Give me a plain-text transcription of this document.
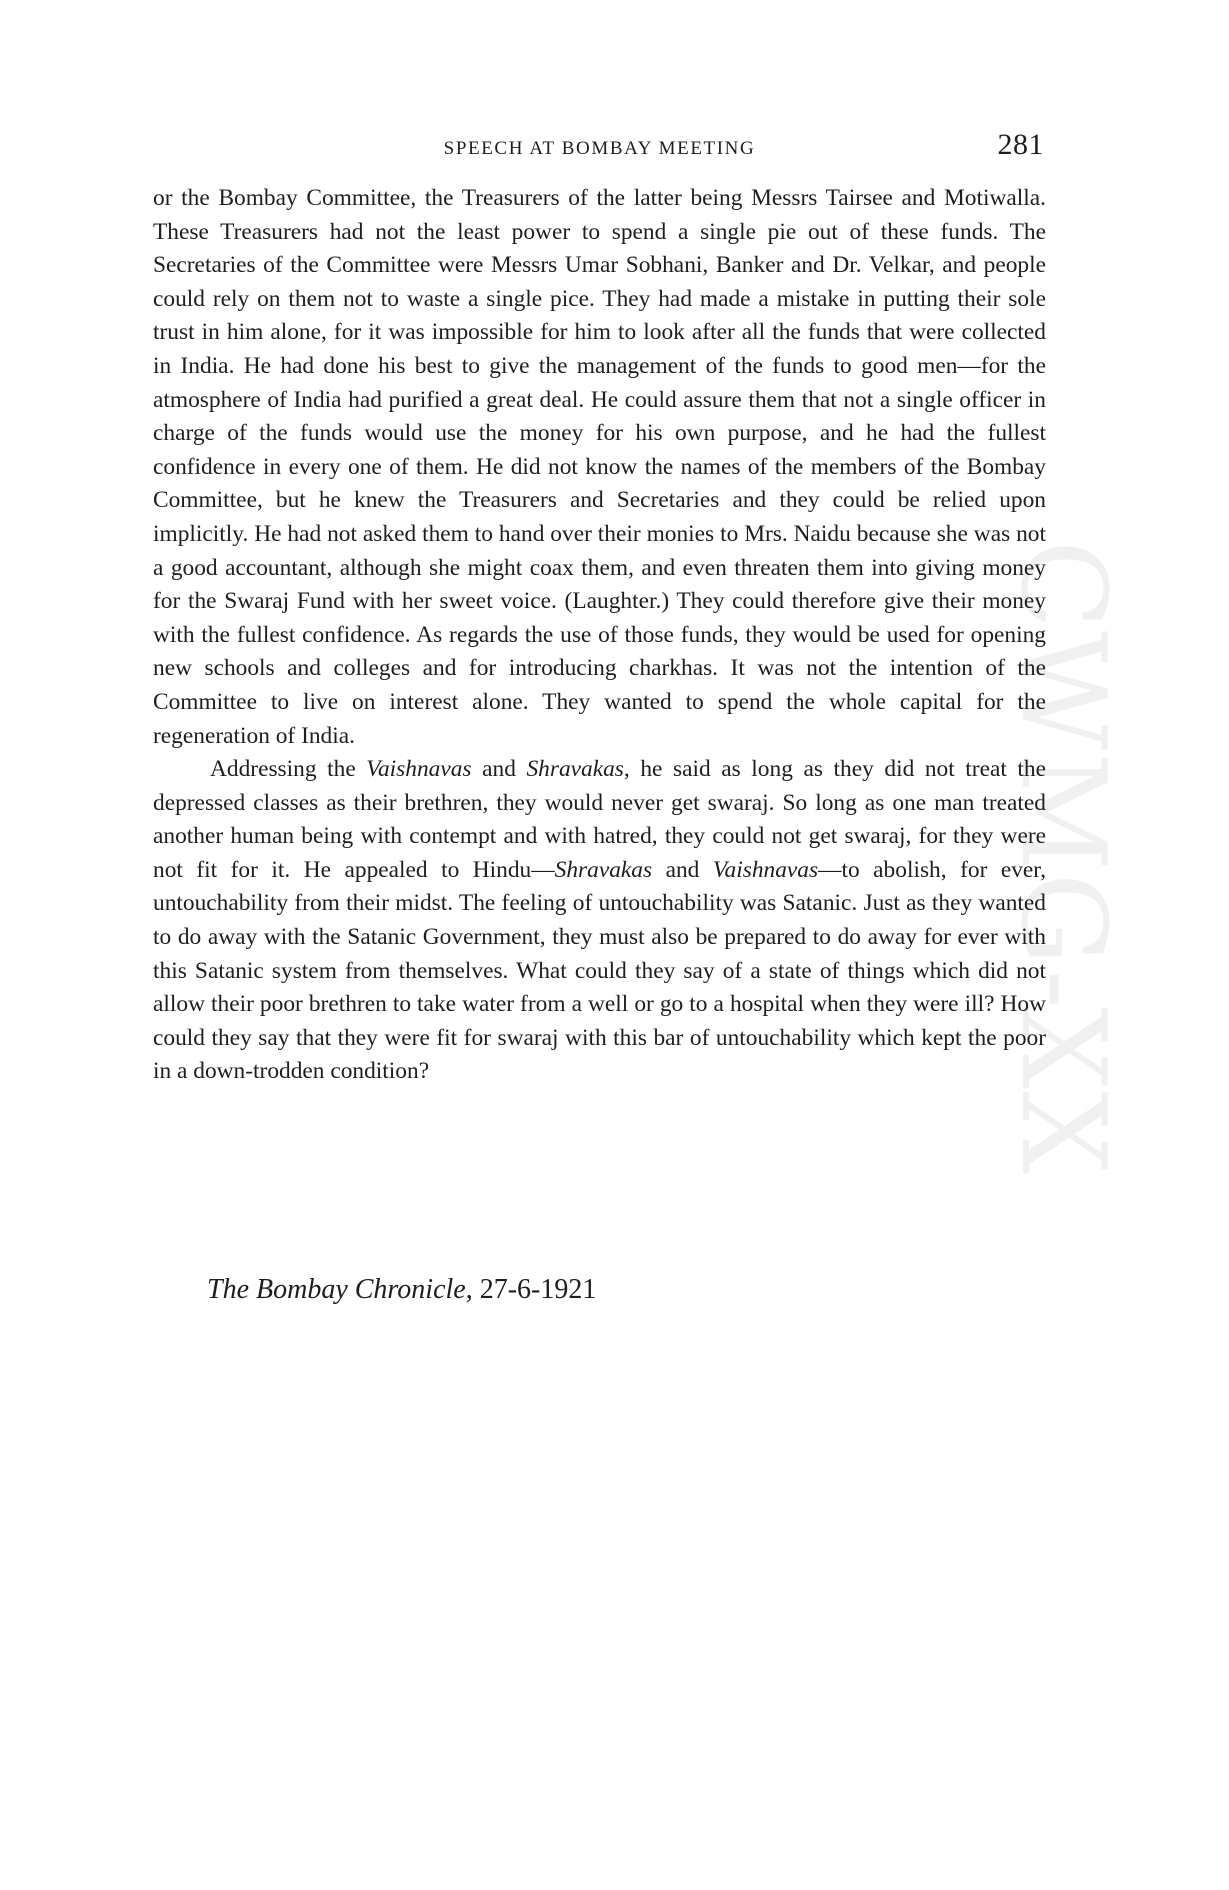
CWMG-XX
SPEECH AT BOMBAY MEETING	281

or the Bombay Committee, the Treasurers of the latter being Messrs Tairsee and Motiwalla. These Treasurers had not the least power to spend a single pie out of these funds. The Secretaries of the Committee were Messrs Umar Sobhani, Banker and Dr. Velkar, and people could rely on them not to waste a single pice. They had made a mistake in putting their sole trust in him alone, for it was impossible for him to look after all the funds that were collected in India. He had done his best to give the management of the funds to good men—for the atmosphere of India had purified a great deal. He could assure them that not a single officer in charge of the funds would use the money for his own purpose, and he had the fullest confidence in every one of them. He did not know the names of the members of the Bombay Committee, but he knew the Treasurers and Secretaries and they could be relied upon implicitly. He had not asked them to hand over their monies to Mrs. Naidu because she was not a good accountant, although she might coax them, and even threaten them into giving money for the Swaraj Fund with her sweet voice. (Laughter.) They could therefore give their money with the fullest confidence. As regards the use of those funds, they would be used for opening new schools and colleges and for introducing charkhas. It was not the intention of the Committee to live on interest alone. They wanted to spend the whole capital for the regeneration of India.

Addressing the Vaishnavas and Shravakas, he said as long as they did not treat the depressed classes as their brethren, they would never get swaraj. So long as one man treated another human being with contempt and with hatred, they could not get swaraj, for they were not fit for it. He appealed to Hindu—Shravakas and Vaishnavas—to abolish, for ever, untouchability from their midst. The feeling of untouchability was Satanic. Just as they wanted to do away with the Satanic Government, they must also be prepared to do away for ever with this Satanic system from themselves. What could they say of a state of things which did not allow their poor brethren to take water from a well or go to a hospital when they were ill? How could they say that they were fit for swaraj with this bar of untouchability which kept the poor in a down-trodden condition?

The Bombay Chronicle, 27-6-1921
